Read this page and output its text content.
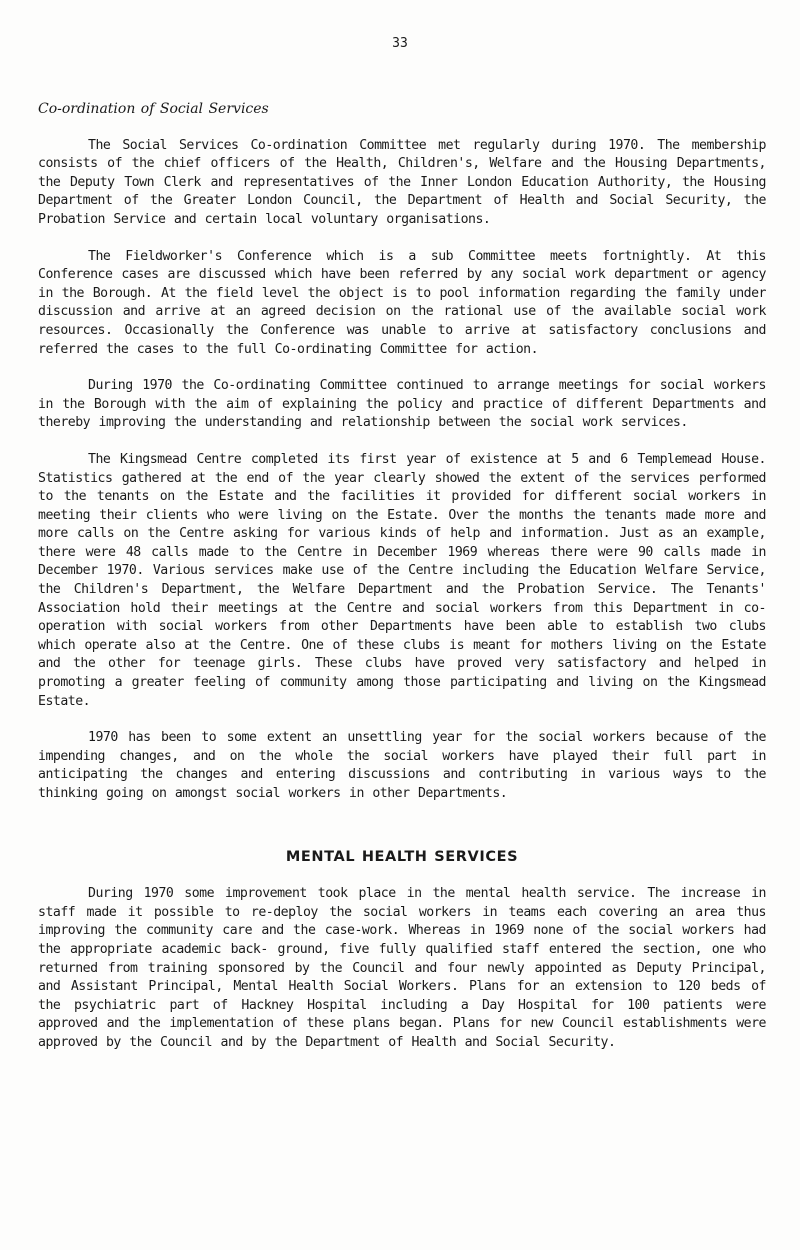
33
Co-ordination of Social Services

The Social Services Co-ordination Committee met regularly during 1970. The membership consists of the chief officers of the Health, Children's, Welfare and the Housing Departments, the Deputy Town Clerk and representatives of the Inner London Education Authority, the Housing Department of the Greater London Council, the Department of Health and Social Security, the Probation Service and certain local voluntary organisations.

The Fieldworker's Conference which is a sub Committee meets fortnightly. At this Conference cases are discussed which have been referred by any social work department or agency in the Borough. At the field level the object is to pool information regarding the family under discussion and arrive at an agreed decision on the rational use of the available social work resources. Occasionally the Conference was unable to arrive at satisfactory conclusions and referred the cases to the full Co-ordinating Committee for action.

During 1970 the Co-ordinating Committee continued to arrange meetings for social workers in the Borough with the aim of explaining the policy and practice of different Departments and thereby improving the understanding and relationship between the social work services.

The Kingsmead Centre completed its first year of existence at 5 and 6 Templemead House. Statistics gathered at the end of the year clearly showed the extent of the services performed to the tenants on the Estate and the facilities it provided for different social workers in meeting their clients who were living on the Estate. Over the months the tenants made more and more calls on the Centre asking for various kinds of help and information. Just as an example, there were 48 calls made to the Centre in December 1969 whereas there were 90 calls made in December 1970. Various services make use of the Centre including the Education Welfare Service, the Children's Department, the Welfare Department and the Probation Service. The Tenants' Association hold their meetings at the Centre and social workers from this Department in co-operation with social workers from other Departments have been able to establish two clubs which operate also at the Centre. One of these clubs is meant for mothers living on the Estate and the other for teenage girls. These clubs have proved very satisfactory and helped in promoting a greater feeling of community among those participating and living on the Kingsmead Estate.

1970 has been to some extent an unsettling year for the social workers because of the impending changes, and on the whole the social workers have played their full part in anticipating the changes and entering discussions and contributing in various ways to the thinking going on amongst social workers in other Departments.

MENTAL HEALTH SERVICES

During 1970 some improvement took place in the mental health service. The increase in staff made it possible to re-deploy the social workers in teams each covering an area thus improving the community care and the case-work. Whereas in 1969 none of the social workers had the appropriate academic back- ground, five fully qualified staff entered the section, one who returned from training sponsored by the Council and four newly appointed as Deputy Principal, and Assistant Principal, Mental Health Social Workers. Plans for an extension to 120 beds of the psychiatric part of Hackney Hospital including a Day Hospital for 100 patients were approved and the implementation of these plans began. Plans for new Council establishments were approved by the Council and by the Department of Health and Social Security.
